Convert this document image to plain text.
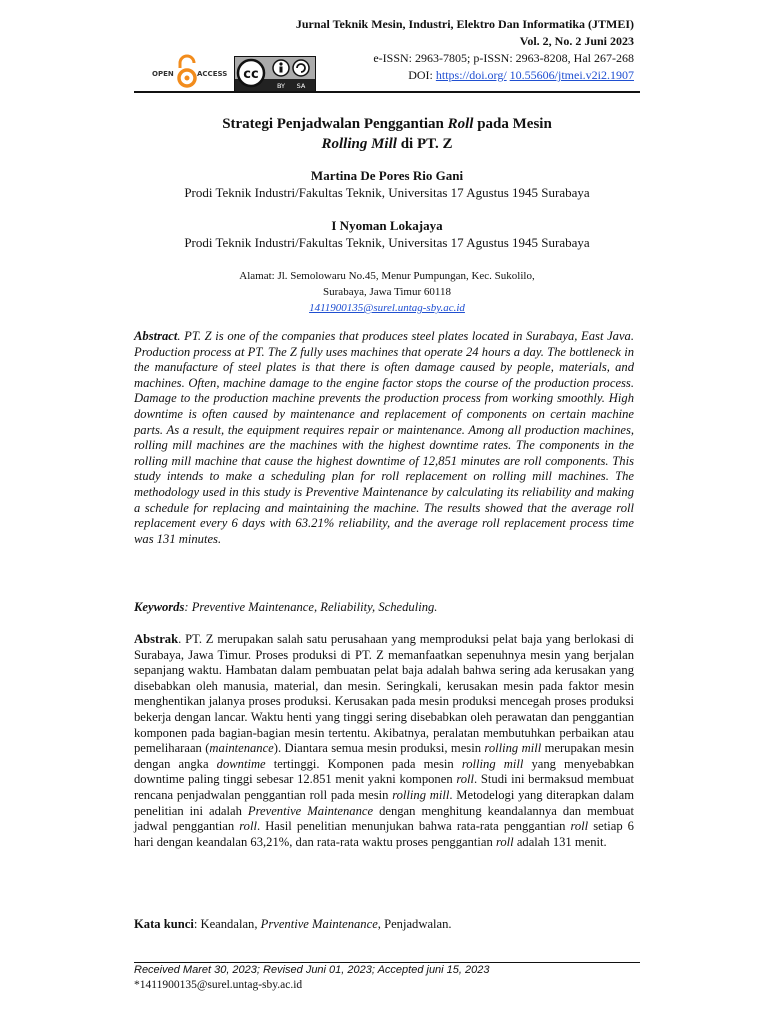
Jurnal Teknik Mesin, Industri, Elektro Dan Informatika (JTMEI)
Vol. 2, No. 2 Juni 2023
e-ISSN: 2963-7805; p-ISSN: 2963-8208, Hal 267-268
DOI: https://doi.org/ 10.55606/jtmei.v2i2.1907
OPEN	ACCESS cc
BY SA
Strategi Penjadwalan Penggantian Roll pada Mesin
Rolling Mill di PT. Z
Martina De Pores Rio Gani
Prodi Teknik Industri/Fakultas Teknik, Universitas 17 Agustus 1945 Surabaya
I Nyoman Lokajaya
Prodi Teknik Industri/Fakultas Teknik, Universitas 17 Agustus 1945 Surabaya
Alamat: Jl. Semolowaru No.45, Menur Pumpungan, Kec. Sukolilo,
Surabaya, Jawa Timur 60118
1411900135@surel.untag-sby.ac.id
Abstract. PT. Z is one of the companies that produces steel plates located in Surabaya, East Java. Production process at PT. The Z fully uses machines that operate 24 hours a day. The bottleneck in the manufacture of steel plates is that there is often damage caused by people, materials, and machines. Often, machine damage to the engine factor stops the course of the production process. Damage to the production machine prevents the production process from working smoothly. High downtime is often caused by maintenance and replacement of components on certain machine parts. As a result, the equipment requires repair or maintenance. Among all production machines, rolling mill machines are the machines with the highest downtime rates. The components in the rolling mill machine that cause the highest downtime of 12,851 minutes are roll components. This study intends to make a scheduling plan for roll replacement on rolling mill machines. The methodology used in this study is Preventive Maintenance by calculating its reliability and making a schedule for replacing and maintaining the machine. The results showed that the average roll replacement every 6 days with 63.21% reliability, and the average roll replacement process time was 131 minutes.
Keywords: Preventive Maintenance, Reliability, Scheduling.
Abstrak. PT. Z merupakan salah satu perusahaan yang memproduksi pelat baja yang berlokasi di Surabaya, Jawa Timur. Proses produksi di PT. Z memanfaatkan sepenuhnya mesin yang berjalan sepanjang waktu. Hambatan dalam pembuatan pelat baja adalah bahwa sering ada kerusakan yang disebabkan oleh manusia, material, dan mesin. Seringkali, kerusakan mesin pada faktor mesin menghentikan jalanya proses produksi. Kerusakan pada mesin produksi mencegah proses produksi bekerja dengan lancar. Waktu henti yang tinggi sering disebabkan oleh perawatan dan penggantian komponen pada bagian-bagian mesin tertentu. Akibatnya, peralatan membutuhkan perbaikan atau pemeliharaan (maintenance). Diantara semua mesin produksi, mesin rolling mill merupakan mesin dengan angka downtime tertinggi. Komponen pada mesin rolling mill yang menyebabkan downtime paling tinggi sebesar 12.851 menit yakni komponen roll. Studi ini bermaksud membuat rencana penjadwalan penggantian roll pada mesin rolling mill. Metodelogi yang diterapkan dalam penelitian ini adalah Preventive Maintenance dengan menghitung keandalannya dan membuat jadwal penggantian roll. Hasil penelitian menunjukan bahwa rata-rata penggantian roll setiap 6 hari dengan keandalan 63,21%, dan rata-rata waktu proses penggantian roll adalah 131 menit.
Kata kunci: Keandalan, Prventive Maintenance, Penjadwalan.
Received Maret 30, 2023; Revised Juni 01, 2023; Accepted juni 15, 2023
*1411900135@surel.untag-sby.ac.id
